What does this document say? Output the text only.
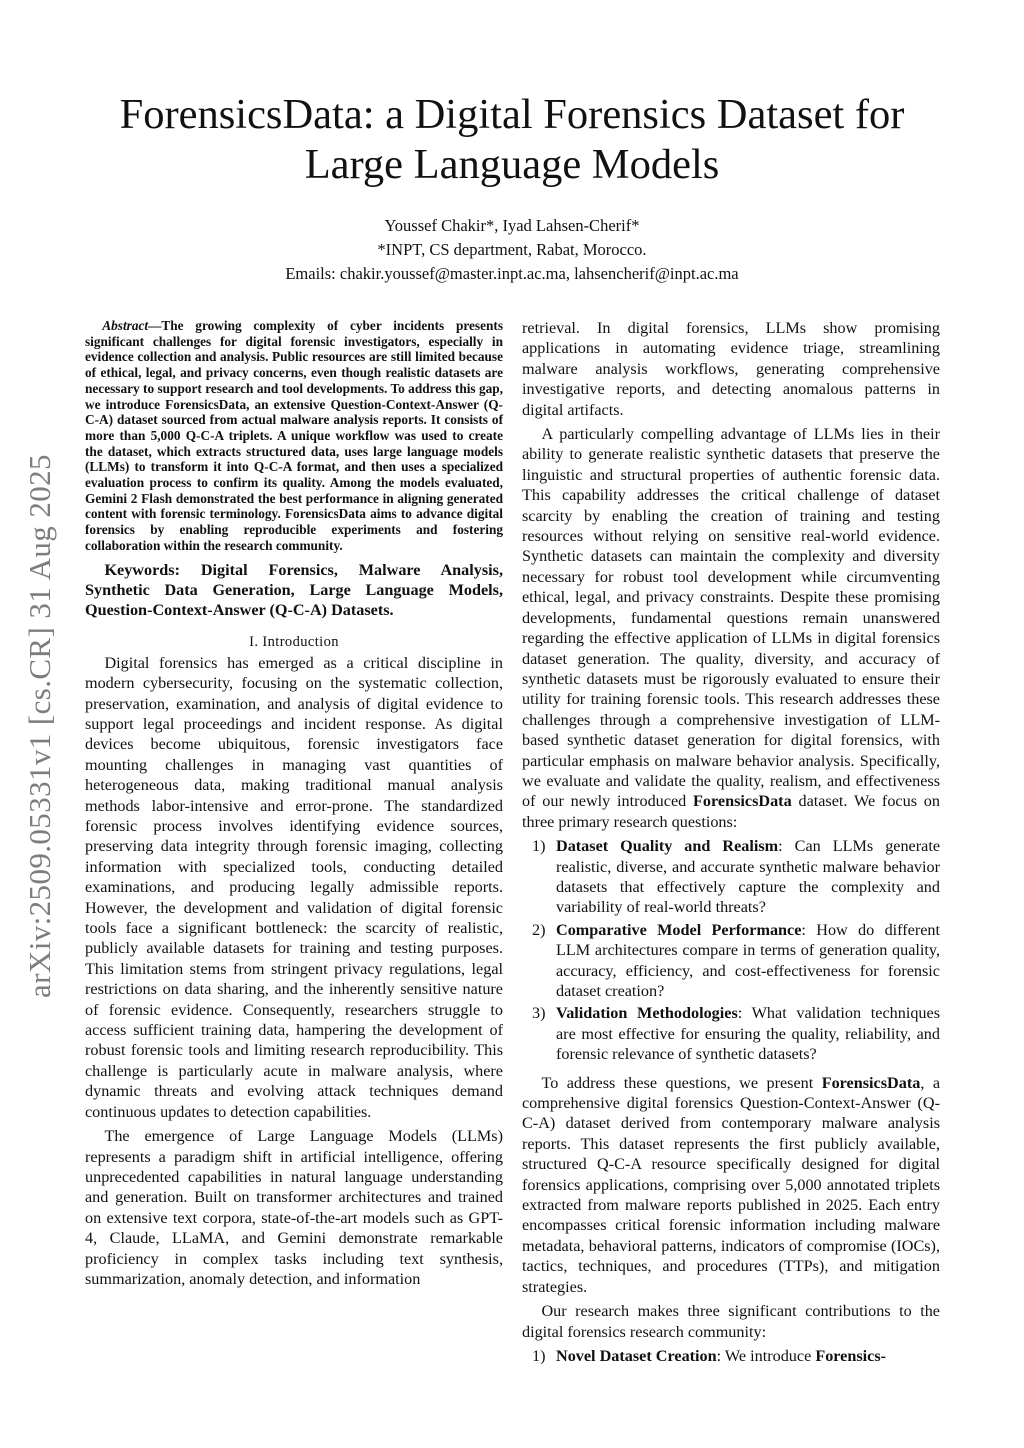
arXiv:2509.05331v1 [cs.CR] 31 Aug 2025
ForensicsData: a Digital Forensics Dataset for
Large Language Models
Youssef Chakir*, Iyad Lahsen-Cherif*
*INPT, CS department, Rabat, Morocco.
Emails: chakir.youssef@master.inpt.ac.ma, lahsencherif@inpt.ac.ma

Abstract—The growing complexity of cyber incidents presents significant challenges for digital forensic investigators, especially in evidence collection and analysis. Public resources are still limited because of ethical, legal, and privacy concerns, even though realistic datasets are necessary to support research and tool developments. To address this gap, we introduce ForensicsData, an extensive Question-Context-Answer (Q-C-A) dataset sourced from actual malware analysis reports. It consists of more than 5,000 Q-C-A triplets. A unique workflow was used to create the dataset, which extracts structured data, uses large language models (LLMs) to transform it into Q-C-A format, and then uses a specialized evaluation process to confirm its quality. Among the models evaluated, Gemini 2 Flash demonstrated the best performance in aligning generated content with forensic terminology. ForensicsData aims to advance digital forensics by enabling reproducible experiments and fostering collaboration within the research community.

Keywords: Digital Forensics, Malware Analysis, Synthetic Data Generation, Large Language Models, Question-Context-Answer (Q-C-A) Datasets.

I. Introduction

Digital forensics has emerged as a critical discipline in modern cybersecurity, focusing on the systematic collection, preservation, examination, and analysis of digital evidence to support legal proceedings and incident response. As digital devices become ubiquitous, forensic investigators face mounting challenges in managing vast quantities of heterogeneous data, making traditional manual analysis methods labor-intensive and error-prone. The standardized forensic process involves identifying evidence sources, preserving data integrity through forensic imaging, collecting information with specialized tools, conducting detailed examinations, and producing legally admissible reports. However, the development and validation of digital forensic tools face a significant bottleneck: the scarcity of realistic, publicly available datasets for training and testing purposes. This limitation stems from stringent privacy regulations, legal restrictions on data sharing, and the inherently sensitive nature of forensic evidence. Consequently, researchers struggle to access sufficient training data, hampering the development of robust forensic tools and limiting research reproducibility. This challenge is particularly acute in malware analysis, where dynamic threats and evolving attack techniques demand continuous updates to detection capabilities.

The emergence of Large Language Models (LLMs) represents a paradigm shift in artificial intelligence, offering unprecedented capabilities in natural language understanding and generation. Built on transformer architectures and trained on extensive text corpora, state-of-the-art models such as GPT-4, Claude, LLaMA, and Gemini demonstrate remarkable proficiency in complex tasks including text synthesis, summarization, anomaly detection, and information

retrieval. In digital forensics, LLMs show promising applications in automating evidence triage, streamlining malware analysis workflows, generating comprehensive investigative reports, and detecting anomalous patterns in digital artifacts.

A particularly compelling advantage of LLMs lies in their ability to generate realistic synthetic datasets that preserve the linguistic and structural properties of authentic forensic data. This capability addresses the critical challenge of dataset scarcity by enabling the creation of training and testing resources without relying on sensitive real-world evidence. Synthetic datasets can maintain the complexity and diversity necessary for robust tool development while circumventing ethical, legal, and privacy constraints. Despite these promising developments, fundamental questions remain unanswered regarding the effective application of LLMs in digital forensics dataset generation. The quality, diversity, and accuracy of synthetic datasets must be rigorously evaluated to ensure their utility for training forensic tools. This research addresses these challenges through a comprehensive investigation of LLM-based synthetic dataset generation for digital forensics, with particular emphasis on malware behavior analysis. Specifically, we evaluate and validate the quality, realism, and effectiveness of our newly introduced ForensicsData dataset. We focus on three primary research questions:

1) Dataset Quality and Realism: Can LLMs generate realistic, diverse, and accurate synthetic malware behavior datasets that effectively capture the complexity and variability of real-world threats?
2) Comparative Model Performance: How do different LLM architectures compare in terms of generation quality, accuracy, efficiency, and cost-effectiveness for forensic dataset creation?
3) Validation Methodologies: What validation techniques are most effective for ensuring the quality, reliability, and forensic relevance of synthetic datasets?

To address these questions, we present ForensicsData, a comprehensive digital forensics Question-Context-Answer (Q-C-A) dataset derived from contemporary malware analysis reports. This dataset represents the first publicly available, structured Q-C-A resource specifically designed for digital forensics applications, comprising over 5,000 annotated triplets extracted from malware reports published in 2025. Each entry encompasses critical forensic information including malware metadata, behavioral patterns, indicators of compromise (IOCs), tactics, techniques, and procedures (TTPs), and mitigation strategies.

Our research makes three significant contributions to the digital forensics research community:

1) Novel Dataset Creation: We introduce Forensics-
